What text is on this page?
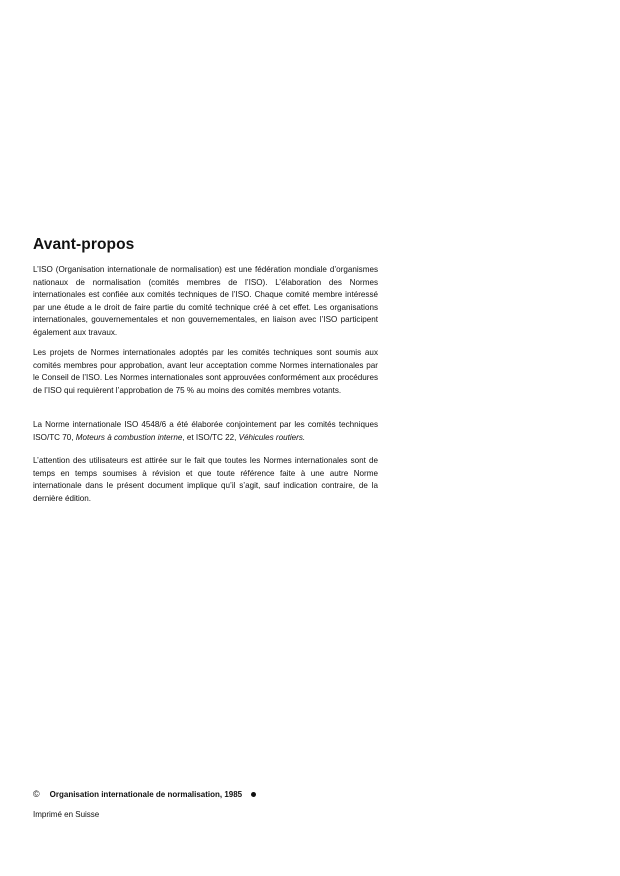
Avant-propos

L’ISO (Organisation internationale de normalisation) est une fédération mondiale d’organismes nationaux de normalisation (comités membres de l’ISO). L’élaboration des Normes internationales est confiée aux comités techniques de l’ISO. Chaque comité membre intéressé par une étude a le droit de faire partie du comité technique créé à cet effet. Les organisations internationales, gouvernementales et non gouvernementales, en liaison avec l’ISO participent également aux travaux.

Les projets de Normes internationales adoptés par les comités techniques sont soumis aux comités membres pour approbation, avant leur acceptation comme Normes internationales par le Conseil de l’ISO. Les Normes internationales sont approuvées conformément aux procédures de l’ISO qui requièrent l’approbation de 75 % au moins des comités membres votants.

La Norme internationale ISO 4548/6 a été élaborée conjointement par les comités techniques ISO/TC 70, Moteurs à combustion interne, et ISO/TC 22, Véhicules routiers.

L’attention des utilisateurs est attirée sur le fait que toutes les Normes internationales sont de temps en temps soumises à révision et que toute référence faite à une autre Norme internationale dans le présent document implique qu’il s’agit, sauf indication contraire, de la dernière édition.

© Organisation internationale de normalisation, 1985
Imprimé en Suisse
